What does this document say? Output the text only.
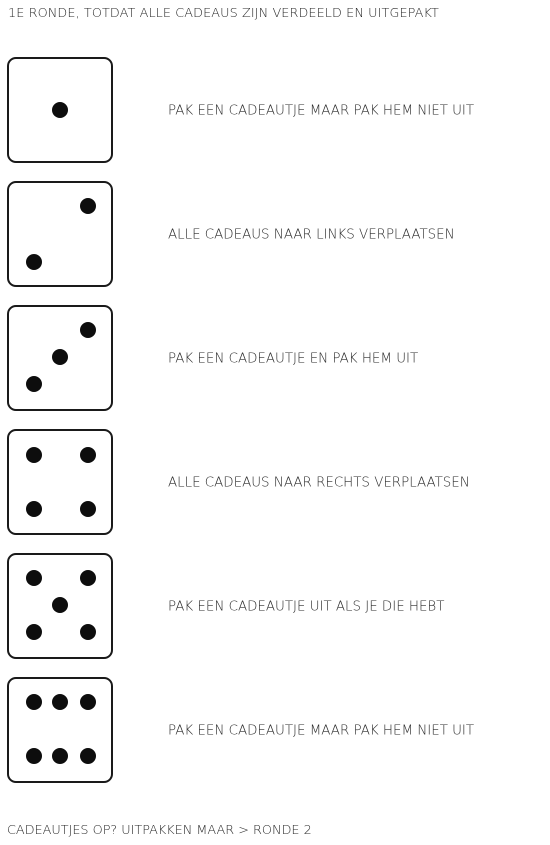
1E RONDE, TOTDAT ALLE CADEAUS ZIJN VERDEELD EN UITGEPAKT
PAK EEN CADEAUTJE MAAR PAK HEM NIET UIT
ALLE CADEAUS NAAR LINKS VERPLAATSEN
PAK EEN CADEAUTJE EN PAK HEM UIT
ALLE CADEAUS NAAR RECHTS VERPLAATSEN
PAK EEN CADEAUTJE UIT ALS JE DIE HEBT
PAK EEN CADEAUTJE MAAR PAK HEM NIET UIT
CADEAUTJES OP? UITPAKKEN MAAR > RONDE 2
